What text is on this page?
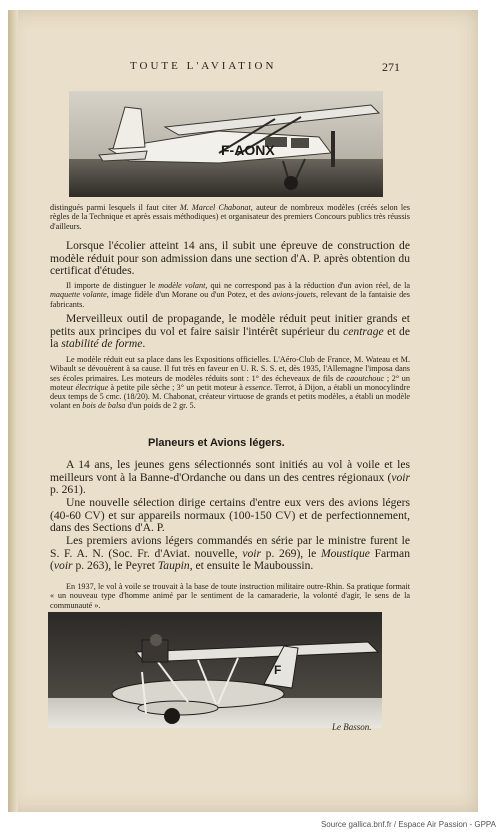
TOUTE L'AVIATION	271
F-AONX
distingués parmi lesquels il faut citer M. Marcel Chabonat, auteur de nombreux modèles (créés selon les règles de la Technique et après essais méthodiques) et organisateur des premiers Concours publics très réussis d'ailleurs.
Lorsque l'écolier atteint 14 ans, il subit une épreuve de construction de modèle réduit pour son admission dans une section d'A. P. après obtention du certificat d'études.
Il importe de distinguer le modèle volant, qui ne correspond pas à la réduction d'un avion réel, de la maquette volante, image fidèle d'un Morane ou d'un Potez, et des avions-jouets, relevant de la fantaisie des fabricants.
Merveilleux outil de propagande, le modèle réduit peut initier grands et petits aux principes du vol et faire saisir l'intérêt supérieur du centrage et de la stabilité de forme.
Le modèle réduit eut sa place dans les Expositions officielles. L'Aéro-Club de France, M. Wateau et M. Wibault se dévouèrent à sa cause. Il fut très en faveur en U. R. S. S. et, dès 1935, l'Allemagne l'imposa dans ses écoles primaires. Les moteurs de modèles réduits sont : 1° des écheveaux de fils de caoutchouc ; 2° un moteur électrique à petite pile sèche ; 3° un petit moteur à essence. Terrot, à Dijon, a établi un monocylindre deux temps de 5 cmc. (18/20). M. Chabonat, créateur virtuose de grands et petits modèles, a établi un modèle volant en bois de balsa d'un poids de 2 gr. 5.
Planeurs et Avions légers.
A 14 ans, les jeunes gens sélectionnés sont initiés au vol à voile et les meilleurs vont à la Banne-d'Ordanche ou dans un des centres régionaux (voir p. 261).
Une nouvelle sélection dirige certains d'entre eux vers des avions légers (40-60 CV) et sur appareils normaux (100-150 CV) et de perfectionnement, dans des Sections d'A. P.
Les premiers avions légers commandés en série par le ministre furent le S. F. A. N. (Soc. Fr. d'Aviat. nouvelle, voir p. 269), le Moustique Farman (voir p. 263), le Peyret Taupin, et ensuite le Mauboussin.
En 1937, le vol à voile se trouvait à la base de toute instruction militaire outre-Rhin. Sa pratique formait « un nouveau type d'homme animé par le sentiment de la camaraderie, la volonté d'agir, le sens de la communauté ».
F
Le Basson.
Source gallica.bnf.fr / Espace Air Passion - GPPA
